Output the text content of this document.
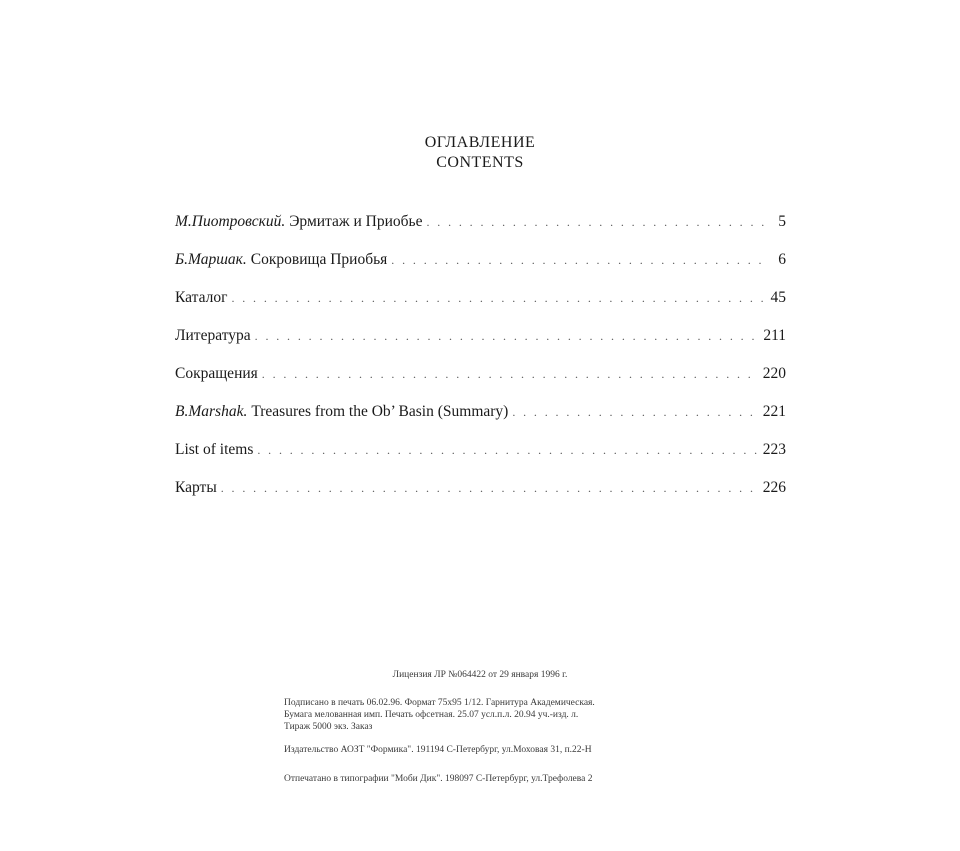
ОГЛАВЛЕНИЕ
CONTENTS
М.Пиотровский. Эрмитаж и Приобье . . .	5
Б.Маршак. Сокровища Приобья . . .	6
Каталог . . .	45
Литература . . .	211
Сокращения . . .	220
B.Marshak. Treasures from the Ob’ Basin (Summary) . . .	221
List of items . . .	223
Карты . . .	226
Лицензия ЛР №064422 от 29 января 1996 г.
Подписано в печать 06.02.96. Формат 75х95 1/12. Гарнитура Академическая.
Бумага мелованная имп. Печать офсетная. 25.07 усл.п.л. 20.94 уч.-изд. л.
Тираж 5000 экз. Заказ
Издательство АОЗТ "Формика". 191194 С-Петербург, ул.Моховая 31, п.22-Н
Отпечатано в типографии "Моби Дик". 198097 С-Петербург, ул.Трефолева 2
